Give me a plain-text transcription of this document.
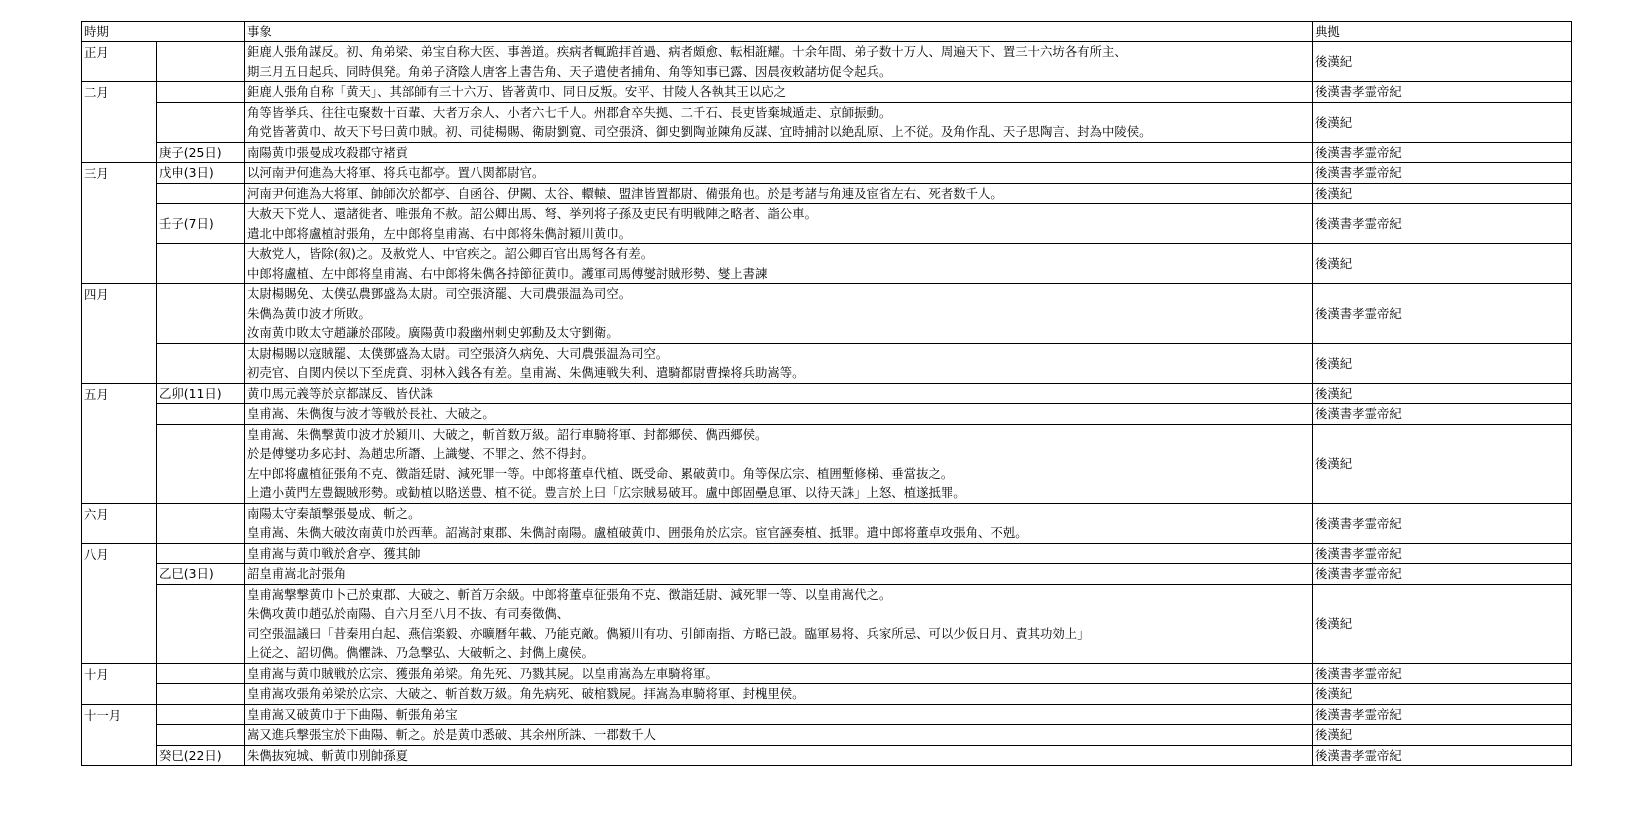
時期		事象	典拠
正月		鉅鹿人張角謀反。初、角弟梁、弟宝自称大医、事善道。疾病者輒跪拝首過、病者頗愈、転相誑耀。十余年間、弟子数十万人、周遍天下、置三十六坊各有所主、
期三月五日起兵、同時倶発。角弟子済陰人唐客上書告角、天子遣使者捕角、角等知事已露、因晨夜敕諸坊促令起兵。	後漢紀
二月		鉅鹿人張角自称「黄天」、其部師有三十六万、皆著黄巾、同日反叛。安平、甘陵人各執其王以応之	後漢書孝霊帝紀

		角等皆挙兵、往往屯聚数十百輩、大者万余人、小者六七千人。州郡倉卒失拠、二千石、長吏皆棄城遁走、京師振動。
角党皆著黄巾、故天下号曰黄巾賊。初、司徒楊賜、衛尉劉寛、司空張済、御史劉陶並陳角反謀、宜時捕討以絶乱原、上不従。及角作乱、天子思陶言、封為中陵侯。	後漢紀
	庚子(25日)	南陽黄巾張曼成攻殺郡守褚貢	後漢書孝霊帝紀
三月	戊申(3日)	以河南尹何進為大将軍、将兵屯都亭。置八関都尉官。	後漢書孝霊帝紀

		河南尹何進為大将軍、帥師次於都亭、自函谷、伊闕、太谷、轘轅、盟津皆置都尉、備張角也。於是考諸与角連及宦省左右、死者数千人。	後漢紀
	壬子(7日)	大赦天下党人、還諸徙者、唯張角不赦。詔公卿出馬、弩、挙列将子孫及吏民有明戦陣之略者、詣公車。
遣北中郎将盧植討張角，左中郎将皇甫嵩、右中郎将朱儁討潁川黄巾。	後漢書孝霊帝紀

		大赦党人，皆除(叙)之。及赦党人、中官疾之。詔公卿百官出馬弩各有差。
中郎将盧植、左中郎将皇甫嵩、右中郎将朱儁各持節征黄巾。護軍司馬傅燮討賊形勢、燮上書諫	後漢紀
四月		太尉楊賜免、太僕弘農鄧盛為太尉。司空張済罷、大司農張温為司空。
朱儁為黄巾波才所敗。
汝南黄巾敗太守趙謙於邵陵。廣陽黄巾殺幽州刺史郭勳及太守劉衛。	後漢書孝霊帝紀

		太尉楊賜以寇賊罷、太僕鄧盛為太尉。司空張済久病免、大司農張温為司空。
初売官、自関内侯以下至虎賁、羽林入銭各有差。皇甫嵩、朱儁連戦失利、遣騎都尉曹操将兵助嵩等。	後漢紀
五月	乙卯(11日)	黄巾馬元義等於京都謀反、皆伏誅	後漢紀

		皇甫嵩、朱儁復与波才等戦於長社、大破之。	後漢書孝霊帝紀

		皇甫嵩、朱儁撃黄巾波才於潁川、大破之，斬首数万級。詔行車騎将軍、封都郷侯、儁西郷侯。
於是傅燮功多応封、為趙忠所譖、上識燮、不罪之、然不得封。
左中郎将盧植征張角不克、徴詣廷尉、減死罪一等。中郎将董卓代植、既受命、累破黄巾。角等保広宗、植囲塹修梯、垂當抜之。
上遣小黄門左豊観賊形勢。或勧植以賂送豊、植不従。豊言於上曰「広宗賊易破耳。盧中郎固壘息軍、以待天誅」上怒、植遂抵罪。	後漢紀
六月		南陽太守秦頡撃張曼成、斬之。
皇甫嵩、朱儁大破汝南黄巾於西華。詔嵩討東郡、朱儁討南陽。盧植破黄巾、囲張角於広宗。宦官誣奏植、抵罪。遣中郎将董卓攻張角、不剋。	後漢書孝霊帝紀
八月		皇甫嵩与黄巾戦於倉亭、獲其帥	後漢書孝霊帝紀
	乙巳(3日)	詔皇甫嵩北討張角	後漢書孝霊帝紀

		皇甫嵩撃撃黄巾卜己於東郡、大破之、斬首万余級。中郎将董卓征張角不克、徴詣廷尉、減死罪一等、以皇甫嵩代之。
朱儁攻黄巾趙弘於南陽、自六月至八月不抜、有司奏徵儁、
司空張温議曰「昔秦用白起、燕信楽毅、亦曠暦年載、乃能克敵。儁潁川有功、引師南指、方略已設。臨軍易将、兵家所忌、可以少仮日月、責其功効上」
上従之、詔切儁。儁懼誅、乃急撃弘、大破斬之、封儁上虞侯。	後漢紀
十月		皇甫嵩与黄巾賊戦於広宗、獲張角弟梁。角先死、乃戮其屍。以皇甫嵩為左車騎将軍。	後漢書孝霊帝紀

		皇甫嵩攻張角弟梁於広宗、大破之、斬首数万級。角先病死、破棺戮屍。拝嵩為車騎将軍、封槐里侯。	後漢紀
十一月		皇甫嵩又破黄巾于下曲陽、斬張角弟宝	後漢書孝霊帝紀

		嵩又進兵撃張宝於下曲陽、斬之。於是黄巾悉破、其余州所誅、一郡数千人	後漢紀
	癸巳(22日)	朱儁抜宛城、斬黄巾別帥孫夏	後漢書孝霊帝紀
